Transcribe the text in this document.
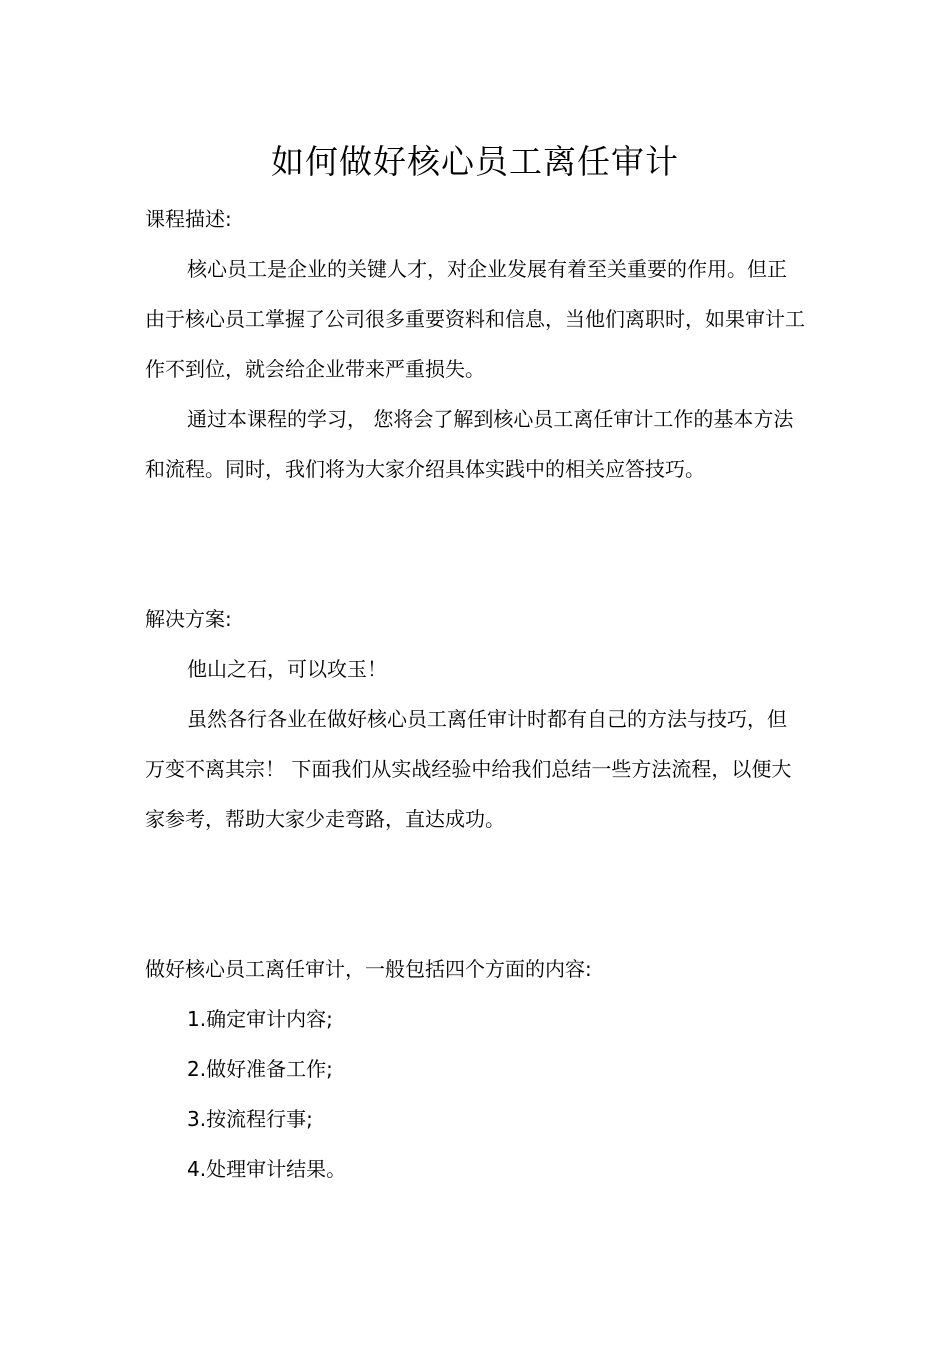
如何做好核心员工离任审计
课程描述:

核心员工是企业的关键人才，对企业发展有着至关重要的作用。但正由于核心员工掌握了公司很多重要资料和信息，当他们离职时，如果审计工作不到位，就会给企业带来严重损失。

通过本课程的学习， 您将会了解到核心员工离任审计工作的基本方法和流程。同时，我们将为大家介绍具体实践中的相关应答技巧。

解决方案:

他山之石，可以攻玉！

虽然各行各业在做好核心员工离任审计时都有自己的方法与技巧，但万变不离其宗！ 下面我们从实战经验中给我们总结一些方法流程，以便大家参考，帮助大家少走弯路，直达成功。

做好核心员工离任审计，一般包括四个方面的内容:
1.确定审计内容;
2.做好准备工作;
3.按流程行事;
4.处理审计结果。
